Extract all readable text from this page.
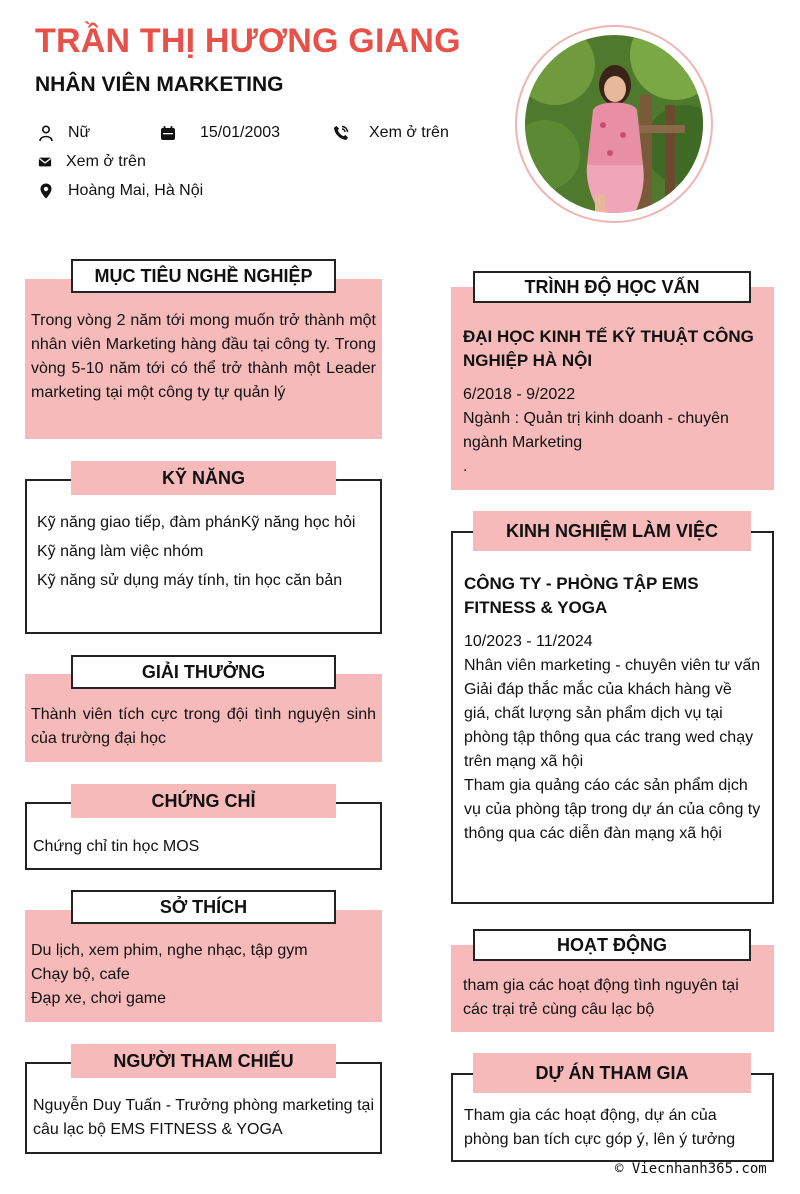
TRẦN THỊ HƯƠNG GIANG
NHÂN VIÊN MARKETING
Nữ	15/01/2003	Xem ở trên
Xem ở trên
Hoàng Mai, Hà Nội
Trong vòng 2 năm tới mong muốn trở thành một nhân viên Marketing hàng đầu tại công ty. Trong vòng 5-10 năm tới có thể trở thành một Leader marketing tại một công ty tự quản lý
MỤC TIÊU NGHỀ NGHIỆP
Kỹ năng giao tiếp, đàm phánKỹ năng học hỏi
Kỹ năng làm việc nhóm
Kỹ năng sử dụng máy tính, tin học căn bản
KỸ NĂNG
Thành viên tích cực trong đội tình nguyện sinh của trường đại học
GIẢI THƯỞNG
Chứng chỉ tin học MOS
CHỨNG CHỈ
Du lịch, xem phim, nghe nhạc, tập gym
Chạy bộ, cafe
Đạp xe, chơi game
SỞ THÍCH
Nguyễn Duy Tuấn - Trưởng phòng marketing tại câu lạc bộ EMS FITNESS & YOGA
NGƯỜI THAM CHIẾU
ĐẠI HỌC KINH TẾ KỸ THUẬT CÔNG NGHIỆP HÀ NỘI
6/2018 - 9/2022
Ngành : Quản trị kinh doanh - chuyên ngành Marketing
.
TRÌNH ĐỘ HỌC VẤN
CÔNG TY - PHÒNG TẬP EMS FITNESS & YOGA
10/2023 - 11/2024
Nhân viên marketing - chuyên viên tư vấn
Giải đáp thắc mắc của khách hàng về giá, chất lượng sản phẩm dịch vụ tại phòng tập thông qua các trang wed chạy trên mạng xã hội
Tham gia quảng cáo các sản phẩm dịch vụ của phòng tập trong dự án của công ty thông qua các diễn đàn mạng xã hội
KINH NGHIỆM LÀM VIỆC
tham gia các hoạt động tình nguyên tại các trại trẻ cùng câu lạc bộ
HOẠT ĐỘNG
Tham gia các hoạt động, dự án của phòng ban tích cực góp ý, lên ý tưởng
DỰ ÁN THAM GIA
© Viecnhanh365.com
